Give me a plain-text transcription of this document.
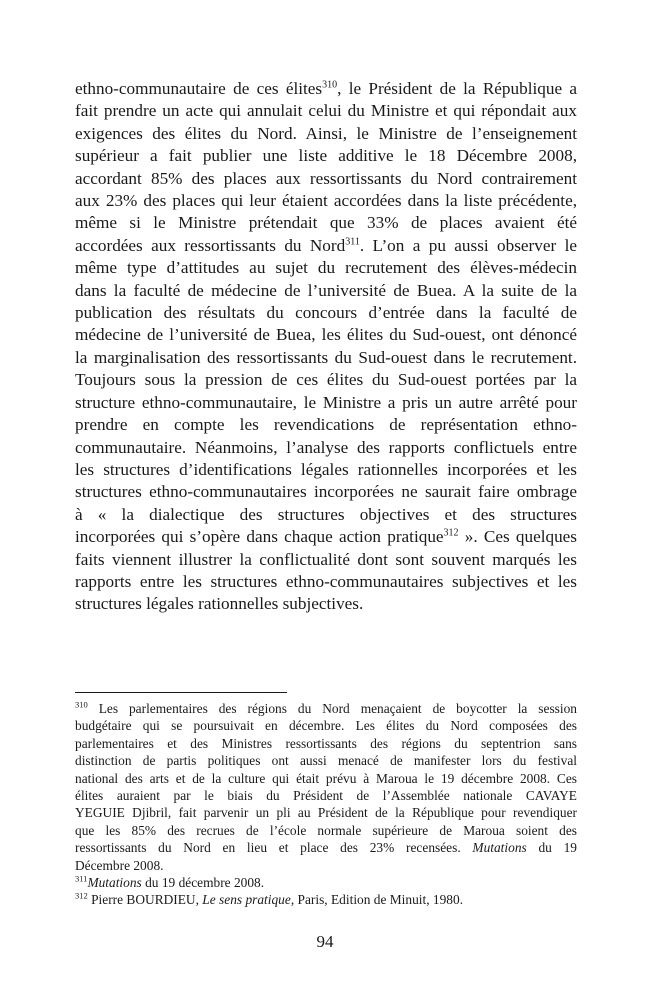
ethno-communautaire de ces élites$^{310}$, le Président de la République a
fait prendre un acte qui annulait celui du Ministre et qui répondait aux
exigences des élites du Nord. Ainsi, le Ministre de l’enseignement
supérieur a fait publier une liste additive le 18 Décembre 2008,
accordant 85% des places aux ressortissants du Nord contrairement
aux 23% des places qui leur étaient accordées dans la liste précédente,
même si le Ministre prétendait que 33% de places avaient été
accordées aux ressortissants du Nord$^{311}$. L’on a pu aussi observer le
même type d’attitudes au sujet du recrutement des élèves-médecin
dans la faculté de médecine de l’université de Buea. A la suite de la
publication des résultats du concours d’entrée dans la faculté de
médecine de l’université de Buea, les élites du Sud-ouest, ont dénoncé
la marginalisation des ressortissants du Sud-ouest dans le recrutement.
Toujours sous la pression de ces élites du Sud-ouest portées par la
structure ethno-communautaire, le Ministre a pris un autre arrêté pour
prendre en compte les revendications de représentation ethno-
communautaire. Néanmoins, l’analyse des rapports conflictuels entre
les structures d’identifications légales rationnelles incorporées et les
structures ethno-communautaires incorporées ne saurait faire ombrage
à « la dialectique des structures objectives et des structures
incorporées qui s’opère dans chaque action pratique$^{312}$ ». Ces quelques
faits viennent illustrer la conflictualité dont sont souvent marqués les
rapports entre les structures ethno-communautaires subjectives et les
structures légales rationnelles subjectives.
$^{310}$ Les parlementaires des régions du Nord menaçaient de boycotter la session
budgétaire qui se poursuivait en décembre. Les élites du Nord composées des
parlementaires et des Ministres ressortissants des régions du septentrion sans
distinction de partis politiques ont aussi menacé de manifester lors du festival
national des arts et de la culture qui était prévu à Maroua le 19 décembre 2008. Ces
élites auraient par le biais du Président de l’Assemblée nationale CAVAYE
YEGUIE Djibril, fait parvenir un pli au Président de la République pour revendiquer
que les 85% des recrues de l’école normale supérieure de Maroua soient des
ressortissants du Nord en lieu et place des 23% recensées. Mutations du 19
Décembre 2008.
$^{311}$Mutations du 19 décembre 2008.
$^{312}$ Pierre BOURDIEU, Le sens pratique, Paris, Edition de Minuit, 1980.
94
